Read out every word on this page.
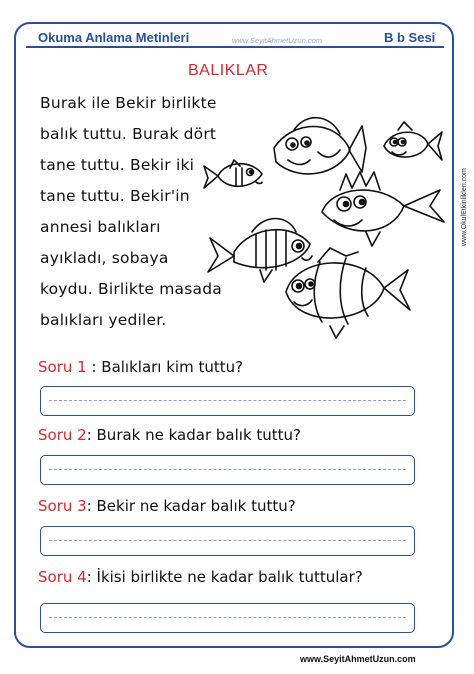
Okuma Anlama Metinleri	www.SeyitAhmetUzun.com	B b Sesi
www.OkulEtkinlikleri.com
BALIKLAR
Burak ile Bekir birlikte
balık tuttu. Burak dört
tane tuttu. Bekir iki
tane tuttu. Bekir'in
annesi balıkları
ayıkladı, sobaya
koydu. Birlikte masada
balıkları yediler.
Soru 1 : Balıkları kim tuttu?
Soru 2: Burak ne kadar balık tuttu?
Soru 3: Bekir ne kadar balık tuttu?
Soru 4: İkisi birlikte ne kadar balık tuttular?
www.SeyitAhmetUzun.com
